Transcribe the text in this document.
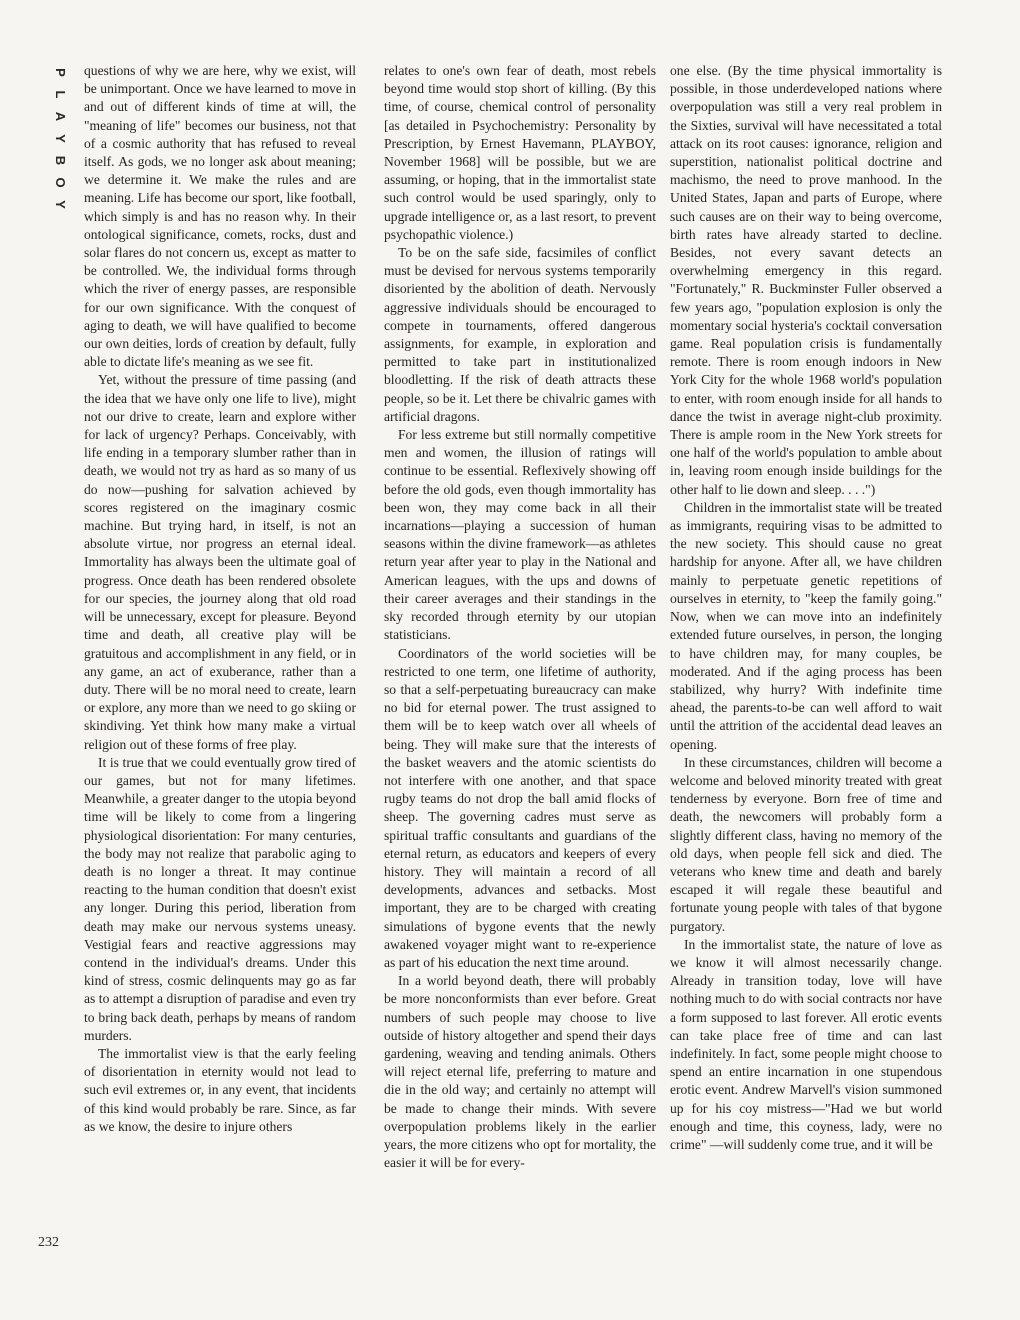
P
L
A
Y
B
O
Y

questions of why we are here, why we exist, will be unimportant. Once we have learned to move in and out of different kinds of time at will, the "meaning of life" becomes our business, not that of a cosmic authority that has refused to reveal itself. As gods, we no longer ask about meaning; we determine it. We make the rules and are meaning. Life has become our sport, like football, which simply is and has no reason why. In their ontological significance, comets, rocks, dust and solar flares do not concern us, except as matter to be controlled. We, the individual forms through which the river of energy passes, are responsible for our own significance. With the conquest of aging to death, we will have qualified to become our own deities, lords of creation by default, fully able to dictate life's meaning as we see fit.

Yet, without the pressure of time passing (and the idea that we have only one life to live), might not our drive to create, learn and explore wither for lack of urgency? Perhaps. Conceivably, with life ending in a temporary slumber rather than in death, we would not try as hard as so many of us do now—pushing for salvation achieved by scores registered on the imaginary cosmic machine. But trying hard, in itself, is not an absolute virtue, nor progress an eternal ideal. Immortality has always been the ultimate goal of progress. Once death has been rendered obsolete for our species, the journey along that old road will be unnecessary, except for pleasure. Beyond time and death, all creative play will be gratuitous and accomplishment in any field, or in any game, an act of exuberance, rather than a duty. There will be no moral need to create, learn or explore, any more than we need to go skiing or skindiving. Yet think how many make a virtual religion out of these forms of free play.

It is true that we could eventually grow tired of our games, but not for many lifetimes. Meanwhile, a greater danger to the utopia beyond time will be likely to come from a lingering physiological disorientation: For many centuries, the body may not realize that parabolic aging to death is no longer a threat. It may continue reacting to the human condition that doesn't exist any longer. During this period, liberation from death may make our nervous systems uneasy. Vestigial fears and reactive aggressions may contend in the individual's dreams. Under this kind of stress, cosmic delinquents may go as far as to attempt a disruption of paradise and even try to bring back death, perhaps by means of random murders.

The immortalist view is that the early feeling of disorientation in eternity would not lead to such evil extremes or, in any event, that incidents of this kind would probably be rare. Since, as far as we know, the desire to injure others

relates to one's own fear of death, most rebels beyond time would stop short of killing. (By this time, of course, chemical control of personality [as detailed in Psychochemistry: Personality by Prescription, by Ernest Havemann, PLAYBOY, November 1968] will be possible, but we are assuming, or hoping, that in the immortalist state such control would be used sparingly, only to upgrade intelligence or, as a last resort, to prevent psychopathic violence.)

To be on the safe side, facsimiles of conflict must be devised for nervous systems temporarily disoriented by the abolition of death. Nervously aggressive individuals should be encouraged to compete in tournaments, offered dangerous assignments, for example, in exploration and permitted to take part in institutionalized bloodletting. If the risk of death attracts these people, so be it. Let there be chivalric games with artificial dragons.

For less extreme but still normally competitive men and women, the illusion of ratings will continue to be essential. Reflexively showing off before the old gods, even though immortality has been won, they may come back in all their incarnations—playing a succession of human seasons within the divine framework—as athletes return year after year to play in the National and American leagues, with the ups and downs of their career averages and their standings in the sky recorded through eternity by our utopian statisticians.

Coordinators of the world societies will be restricted to one term, one lifetime of authority, so that a self-perpetuating bureaucracy can make no bid for eternal power. The trust assigned to them will be to keep watch over all wheels of being. They will make sure that the interests of the basket weavers and the atomic scientists do not interfere with one another, and that space rugby teams do not drop the ball amid flocks of sheep. The governing cadres must serve as spiritual traffic consultants and guardians of the eternal return, as educators and keepers of every history. They will maintain a record of all developments, advances and setbacks. Most important, they are to be charged with creating simulations of bygone events that the newly awakened voyager might want to re-experience as part of his education the next time around.

In a world beyond death, there will probably be more nonconformists than ever before. Great numbers of such people may choose to live outside of history altogether and spend their days gardening, weaving and tending animals. Others will reject eternal life, preferring to mature and die in the old way; and certainly no attempt will be made to change their minds. With severe overpopulation problems likely in the earlier years, the more citizens who opt for mortality, the easier it will be for every-

one else. (By the time physical immortality is possible, in those underdeveloped nations where overpopulation was still a very real problem in the Sixties, survival will have necessitated a total attack on its root causes: ignorance, religion and superstition, nationalist political doctrine and machismo, the need to prove manhood. In the United States, Japan and parts of Europe, where such causes are on their way to being overcome, birth rates have already started to decline. Besides, not every savant detects an overwhelming emergency in this regard. "Fortunately," R. Buckminster Fuller observed a few years ago, "population explosion is only the momentary social hysteria's cocktail conversation game. Real population crisis is fundamentally remote. There is room enough indoors in New York City for the whole 1968 world's population to enter, with room enough inside for all hands to dance the twist in average night-club proximity. There is ample room in the New York streets for one half of the world's population to amble about in, leaving room enough inside buildings for the other half to lie down and sleep. . . .")

Children in the immortalist state will be treated as immigrants, requiring visas to be admitted to the new society. This should cause no great hardship for anyone. After all, we have children mainly to perpetuate genetic repetitions of ourselves in eternity, to "keep the family going." Now, when we can move into an indefinitely extended future ourselves, in person, the longing to have children may, for many couples, be moderated. And if the aging process has been stabilized, why hurry? With indefinite time ahead, the parents-to-be can well afford to wait until the attrition of the accidental dead leaves an opening.

In these circumstances, children will become a welcome and beloved minority treated with great tenderness by everyone. Born free of time and death, the newcomers will probably form a slightly different class, having no memory of the old days, when people fell sick and died. The veterans who knew time and death and barely escaped it will regale these beautiful and fortunate young people with tales of that bygone purgatory.

In the immortalist state, the nature of love as we know it will almost necessarily change. Already in transition today, love will have nothing much to do with social contracts nor have a form supposed to last forever. All erotic events can take place free of time and can last indefinitely. In fact, some people might choose to spend an entire incarnation in one stupendous erotic event. Andrew Marvell's vision summoned up for his coy mistress—"Had we but world enough and time, this coyness, lady, were no crime" —will suddenly come true, and it will be

232
